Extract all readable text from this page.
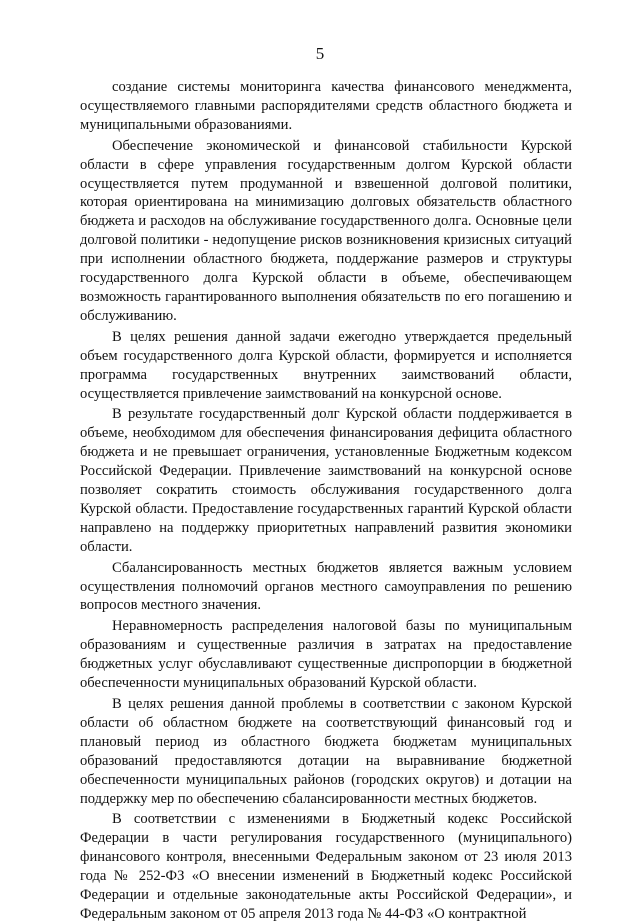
5

создание системы мониторинга качества финансового менеджмента, осуществляемого главными распорядителями средств областного бюджета и муниципальными образованиями.

Обеспечение экономической и финансовой стабильности Курской области в сфере управления государственным долгом Курской области осуществляется путем продуманной и взвешенной долговой политики, которая ориентирована на минимизацию долговых обязательств областного бюджета и расходов на обслуживание государственного долга. Основные цели долговой политики - недопущение рисков возникновения кризисных ситуаций при исполнении областного бюджета, поддержание размеров и структуры государственного долга Курской области в объеме, обеспечивающем возможность гарантированного выполнения обязательств по его погашению и обслуживанию.

В целях решения данной задачи ежегодно утверждается предельный объем государственного долга Курской области, формируется и исполняется программа государственных внутренних заимствований области, осуществляется привлечение заимствований на конкурсной основе.

В результате государственный долг Курской области поддерживается в объеме, необходимом для обеспечения финансирования дефицита областного бюджета и не превышает ограничения, установленные Бюджетным кодексом Российской Федерации. Привлечение заимствований на конкурсной основе позволяет сократить стоимость обслуживания государственного долга Курской области. Предоставление государственных гарантий Курской области направлено на поддержку приоритетных направлений развития экономики области.

Сбалансированность местных бюджетов является важным условием осуществления полномочий органов местного самоуправления по решению вопросов местного значения.

Неравномерность распределения налоговой базы по муниципальным образованиям и существенные различия в затратах на предоставление бюджетных услуг обуславливают существенные диспропорции в бюджетной обеспеченности муниципальных образований Курской области.

В целях решения данной проблемы в соответствии с законом Курской области об областном бюджете на соответствующий финансовый год и плановый период из областного бюджета бюджетам муниципальных образований предоставляются дотации на выравнивание бюджетной обеспеченности муниципальных районов (городских округов) и дотации на поддержку мер по обеспечению сбалансированности местных бюджетов.

В соответствии с изменениями в Бюджетный кодекс Российской Федерации в части регулирования государственного (муниципального) финансового контроля, внесенными Федеральным законом от 23 июля 2013 года № 252-ФЗ «О внесении изменений в Бюджетный кодекс Российской Федерации и отдельные законодательные акты Российской Федерации», и Федеральным законом от 05 апреля 2013 года № 44-ФЗ «О контрактной
